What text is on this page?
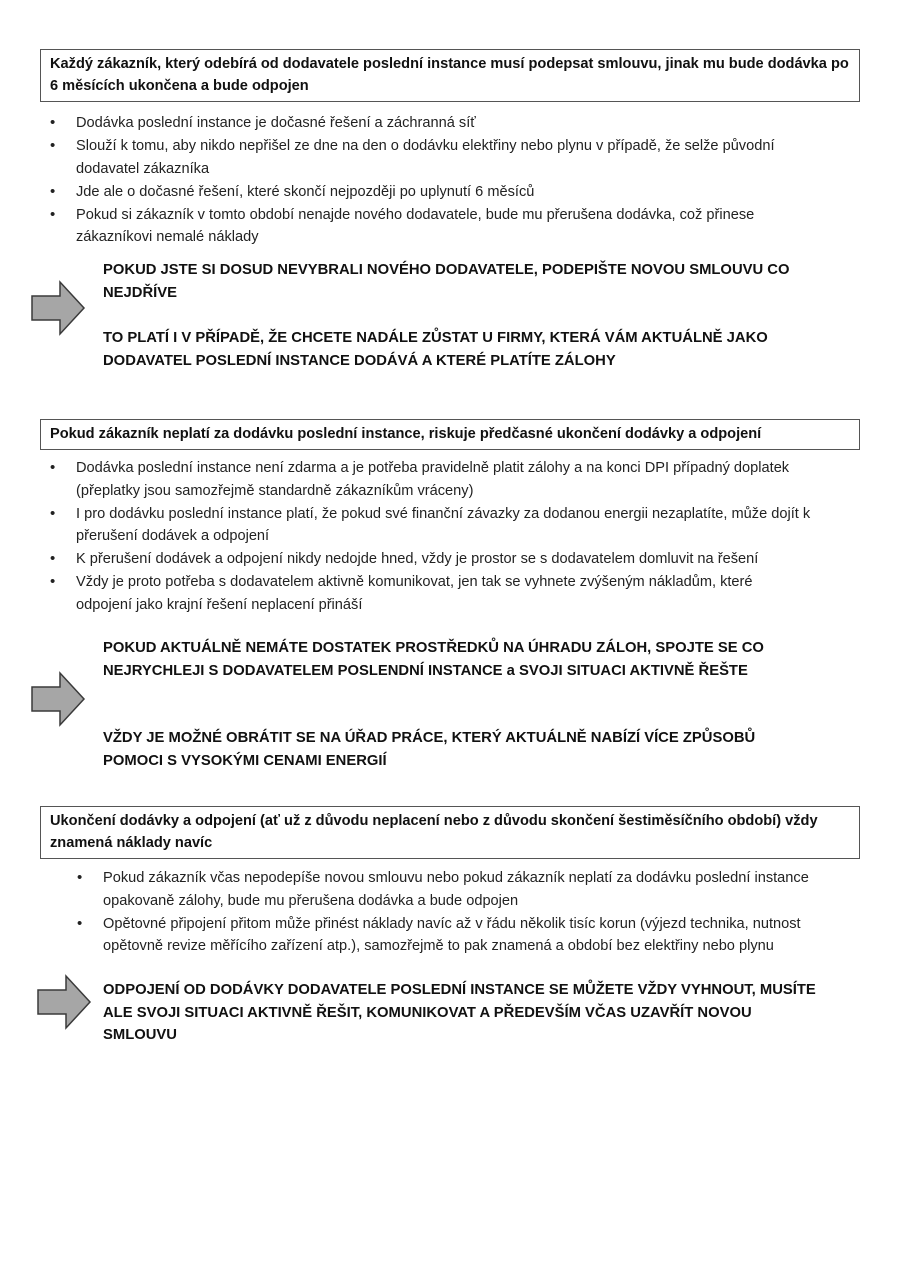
Každý zákazník, který odebírá od dodavatele poslední instance musí podepsat smlouvu, jinak mu bude dodávka po 6 měsících ukončena a bude odpojen
• Dodávka poslední instance je dočasné řešení a záchranná síť
• Slouží k tomu, aby nikdo nepřišel ze dne na den o dodávku elektřiny nebo plynu v případě, že selže původní dodavatel zákazníka
• Jde ale o dočasné řešení, které skončí nejpozději po uplynutí 6 měsíců
• Pokud si zákazník v tomto období nenajde nového dodavatele, bude mu přerušena dodávka, což přinese zákazníkovi nemalé náklady
POKUD JSTE SI DOSUD NEVYBRALI NOVÉHO DODAVATELE, PODEPIŠTE NOVOU SMLOUVU CO NEJDŘÍVE
TO PLATÍ I V PŘÍPADĚ, ŽE CHCETE NADÁLE ZŮSTAT U FIRMY, KTERÁ VÁM AKTUÁLNĚ JAKO DODAVATEL POSLEDNÍ INSTANCE DODÁVÁ A KTERÉ PLATÍTE ZÁLOHY
Pokud zákazník neplatí za dodávku poslední instance, riskuje předčasné ukončení dodávky a odpojení
• Dodávka poslední instance není zdarma a je potřeba pravidelně platit zálohy a na konci DPI případný doplatek (přeplatky jsou samozřejmě standardně zákazníkům vráceny)
• I pro dodávku poslední instance platí, že pokud své finanční závazky za dodanou energii nezaplatíte, může dojít k přerušení dodávek a odpojení
• K přerušení dodávek a odpojení nikdy nedojde hned, vždy je prostor se s dodavatelem domluvit na řešení
• Vždy je proto potřeba s dodavatelem aktivně komunikovat, jen tak se vyhnete zvýšeným nákladům, které odpojení jako krajní řešení neplacení přináší
POKUD AKTUÁLNĚ NEMÁTE DOSTATEK PROSTŘEDKŮ NA ÚHRADU ZÁLOH, SPOJTE SE CO NEJRYCHLEJI S DODAVATELEM POSLENDNÍ INSTANCE a SVOJI SITUACI AKTIVNĚ ŘEŠTE
VŽDY JE MOŽNÉ OBRÁTIT SE NA ÚŘAD PRÁCE, KTERÝ AKTUÁLNĚ NABÍZÍ VÍCE ZPŮSOBŮ POMOCI S VYSOKÝMI CENAMI ENERGIÍ
Ukončení dodávky a odpojení (ať už z důvodu neplacení nebo z důvodu skončení šestiměsíčního období) vždy znamená náklady navíc
• Pokud zákazník včas nepodepíše novou smlouvu nebo pokud zákazník neplatí za dodávku poslední instance opakovaně zálohy, bude mu přerušena dodávka a bude odpojen
• Opětovné připojení přitom může přinést náklady navíc až v řádu několik tisíc korun (výjezd technika, nutnost opětovně revize měřícího zařízení atp.), samozřejmě to pak znamená a období bez elektřiny nebo plynu
ODPOJENÍ OD DODÁVKY DODAVATELE POSLEDNÍ INSTANCE SE MŮŽETE VŽDY VYHNOUT, MUSÍTE ALE SVOJI SITUACI AKTIVNĚ ŘEŠIT, KOMUNIKOVAT A PŘEDEVŠÍM VČAS UZAVŘÍT NOVOU SMLOUVU
